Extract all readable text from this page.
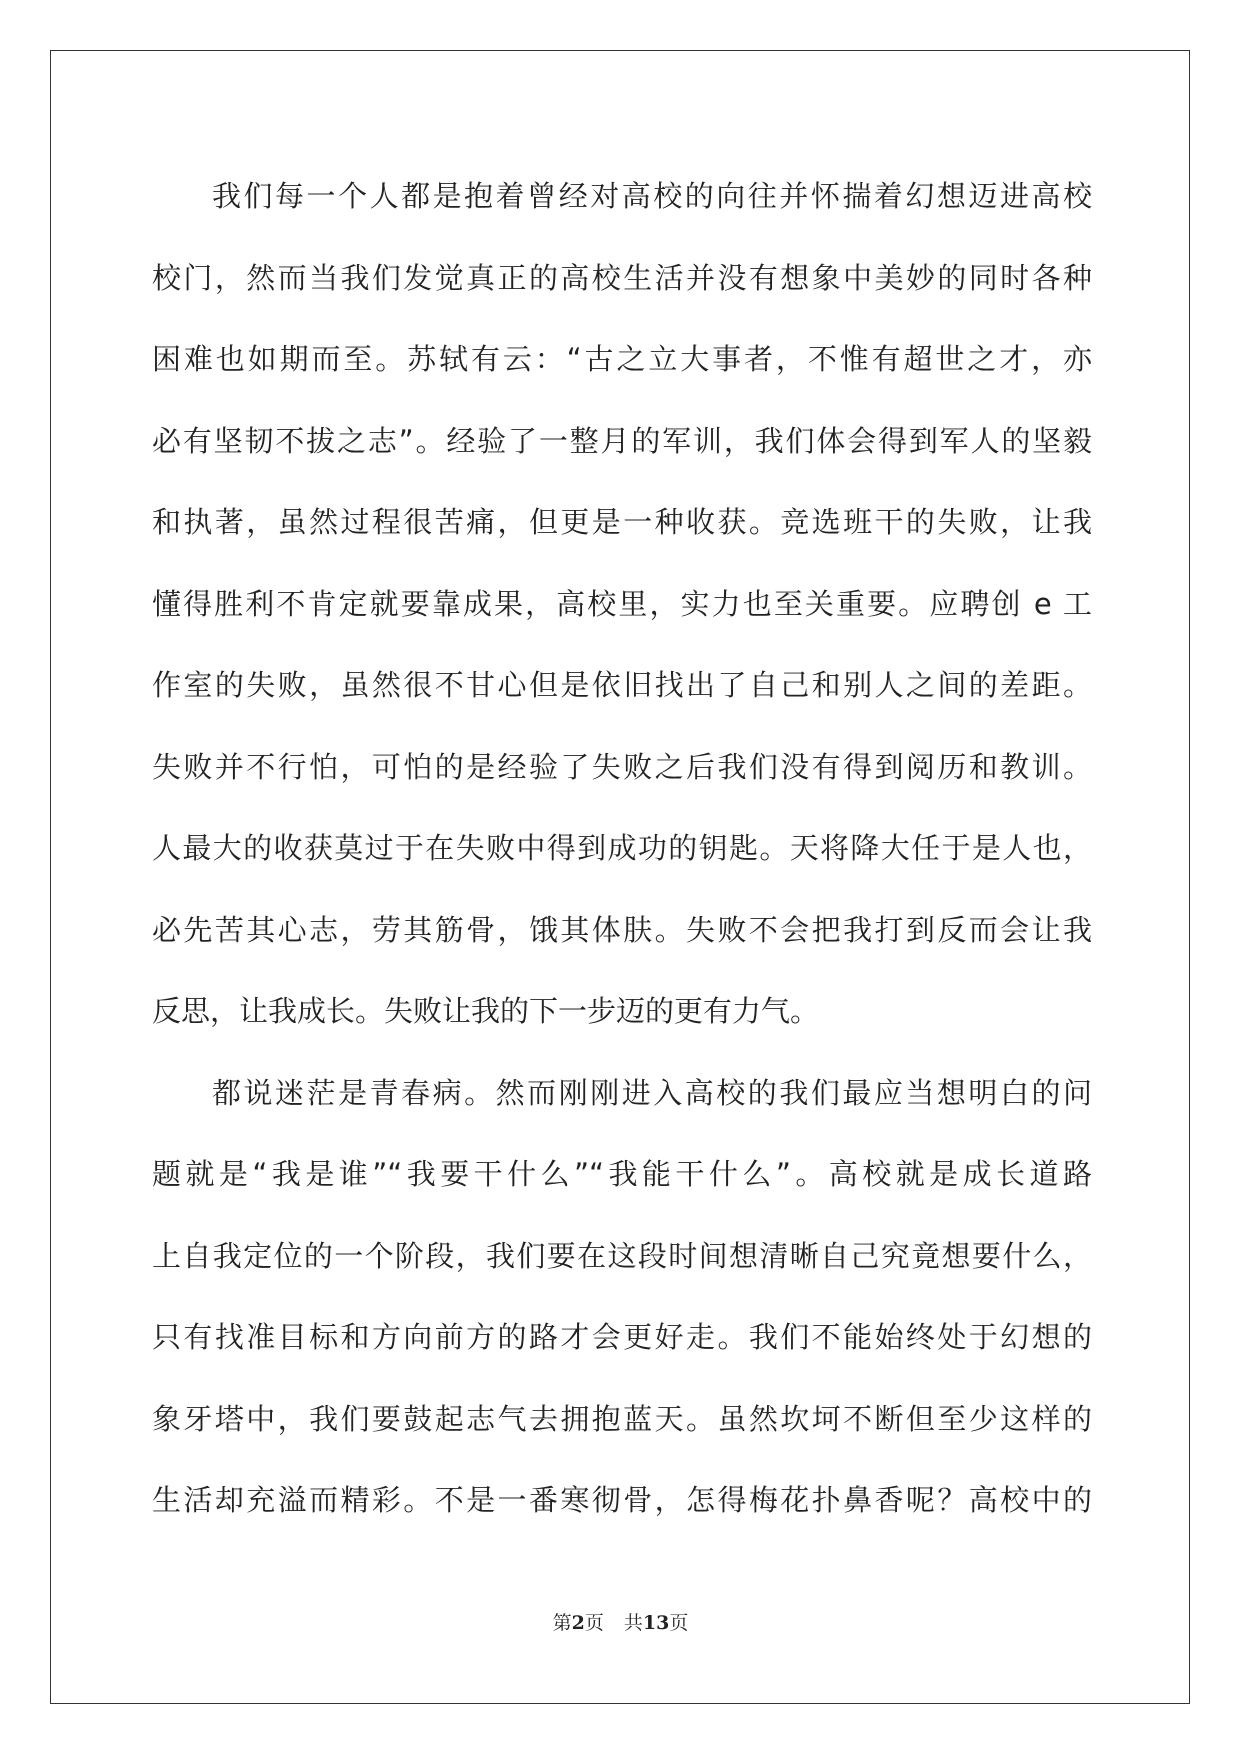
我们每一个人都是抱着曾经对高校的向往并怀揣着幻想迈进高校
校门，然而当我们发觉真正的高校生活并没有想象中美妙的同时各种
困难也如期而至。苏轼有云：“古之立大事者，不惟有超世之才，亦
必有坚韧不拔之志”。经验了一整月的军训，我们体会得到军人的坚毅
和执著，虽然过程很苦痛，但更是一种收获。竞选班干的失败，让我
懂得胜利不肯定就要靠成果，高校里，实力也至关重要。应聘创 e 工
作室的失败，虽然很不甘心但是依旧找出了自己和别人之间的差距。
失败并不行怕，可怕的是经验了失败之后我们没有得到阅历和教训。
人最大的收获莫过于在失败中得到成功的钥匙。天将降大任于是人也，
必先苦其心志，劳其筋骨，饿其体肤。失败不会把我打到反而会让我
反思，让我成长。失败让我的下一步迈的更有力气。
都说迷茫是青春病。然而刚刚进入高校的我们最应当想明白的问
题就是“我是谁”“我要干什么”“我能干什么”。高校就是成长道路
上自我定位的一个阶段，我们要在这段时间想清晰自己究竟想要什么，
只有找准目标和方向前方的路才会更好走。我们不能始终处于幻想的
象牙塔中，我们要鼓起志气去拥抱蓝天。虽然坎坷不断但至少这样的
生活却充溢而精彩。不是一番寒彻骨，怎得梅花扑鼻香呢？高校中的
第2页 共13页
